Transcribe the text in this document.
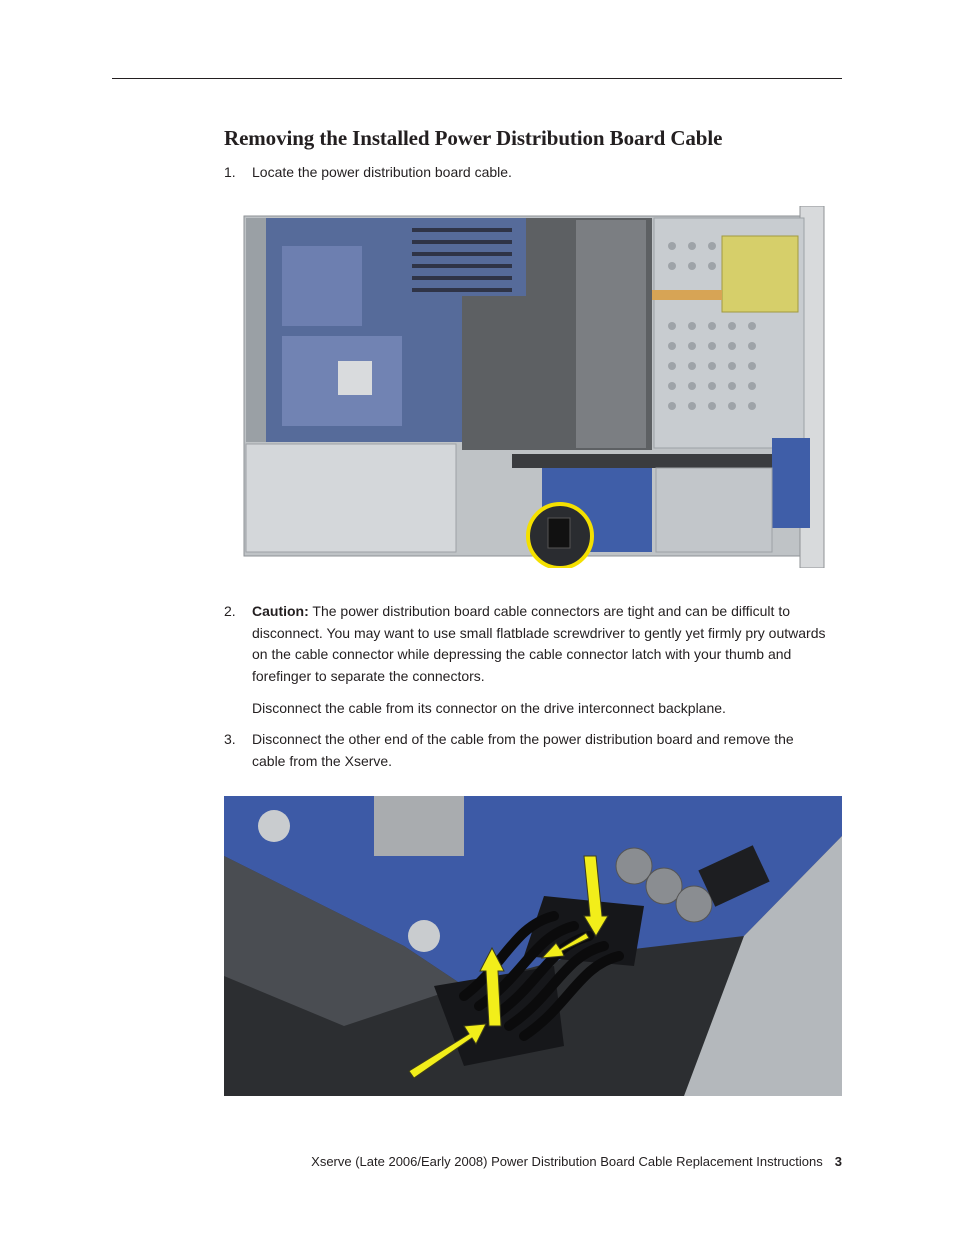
Removing the Installed Power Distribution Board Cable
1. Locate the power distribution board cable.
2. Caution: The power distribution board cable connectors are tight and can be difficult to disconnect. You may want to use small flatblade screwdriver to gently yet firmly pry outwards on the cable connector while depressing the cable connector latch with your thumb and forefinger to separate the connectors.
Disconnect the cable from its connector on the drive interconnect backplane.
3. Disconnect the other end of the cable from the power distribution board and remove the cable from the Xserve.
Xserve (Late 2006/Early 2008) Power Distribution Board Cable Replacement Instructions 3
